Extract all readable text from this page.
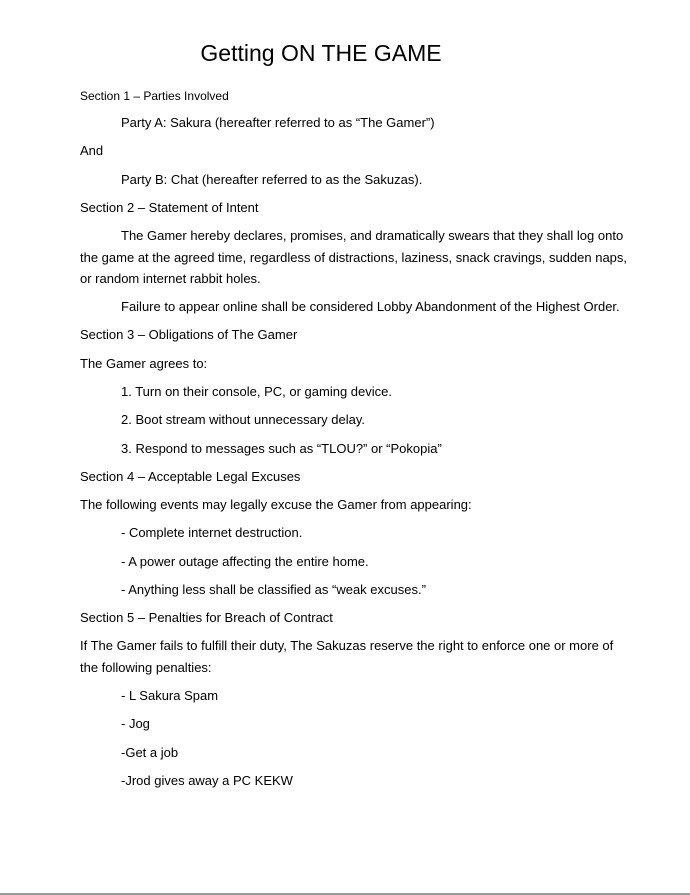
Getting ON THE GAME
Section 1 – Parties Involved
Party A: Sakura (hereafter referred to as “The Gamer”)
And
Party B: Chat (hereafter referred to as the Sakuzas).
Section 2 – Statement of Intent
The Gamer hereby declares, promises, and dramatically swears that they shall log onto
the game at the agreed time, regardless of distractions, laziness, snack cravings, sudden naps,
or random internet rabbit holes.
Failure to appear online shall be considered Lobby Abandonment of the Highest Order.
Section 3 – Obligations of The Gamer
The Gamer agrees to:
1. Turn on their console, PC, or gaming device.
2. Boot stream without unnecessary delay.
3. Respond to messages such as “TLOU?” or “Pokopia”
Section 4 – Acceptable Legal Excuses
The following events may legally excuse the Gamer from appearing:
- Complete internet destruction.
- A power outage affecting the entire home.
- Anything less shall be classified as “weak excuses.”
Section 5 – Penalties for Breach of Contract
If The Gamer fails to fulfill their duty, The Sakuzas reserve the right to enforce one or more of
the following penalties:
- L Sakura Spam
- Jog
-Get a job
-Jrod gives away a PC KEKW
